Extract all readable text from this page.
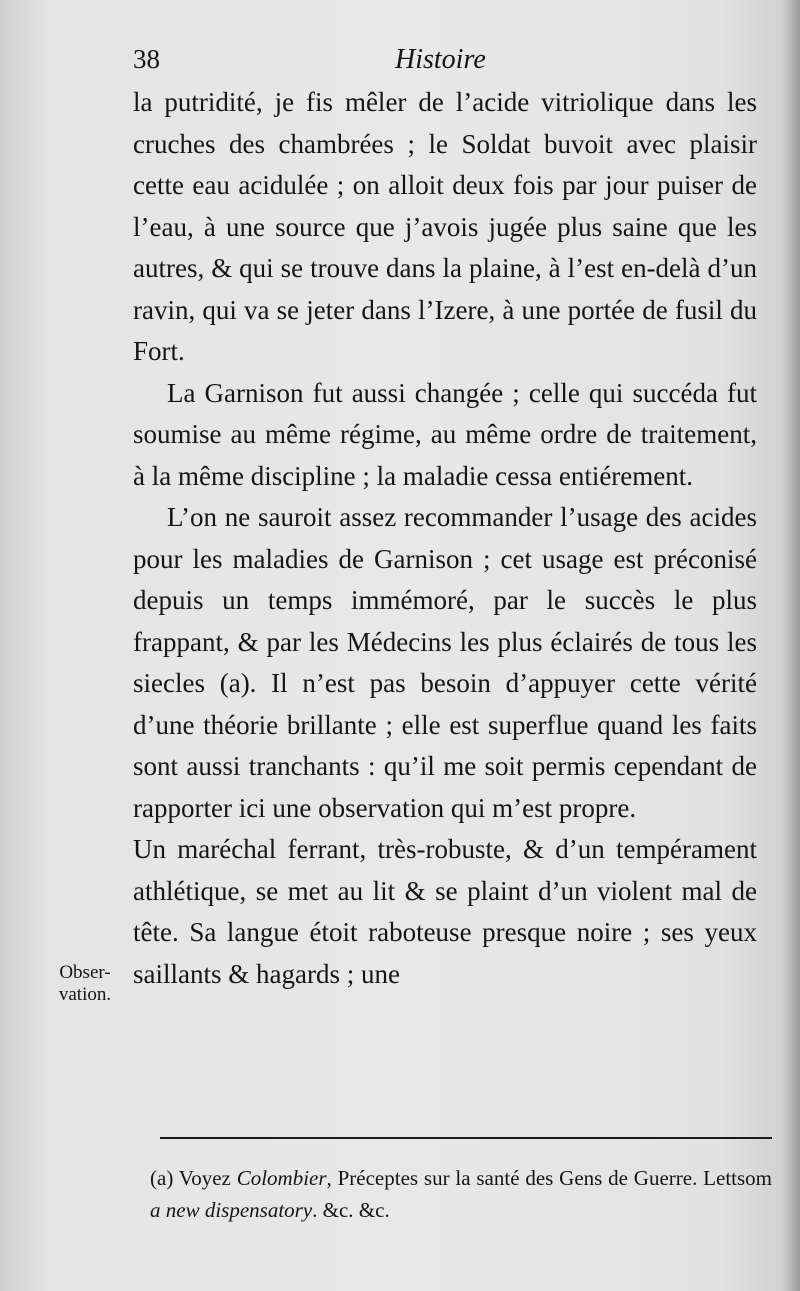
38	Histoire

la putridité, je fis mêler de l’acide vitriolique dans les cruches des chambrées ; le Soldat buvoit avec plaisir cette eau acidulée ; on alloit deux fois par jour puiser de l’eau, à une source que j’avois jugée plus saine que les autres, & qui se trouve dans la plaine, à l’est en-delà d’un ravin, qui va se jeter dans l’Izere, à une portée de fusil du Fort.

La Garnison fut aussi changée ; celle qui succéda fut soumise au même régime, au même ordre de traitement, à la même discipline ; la maladie cessa entiérement.

L’on ne sauroit assez recommander l’usage des acides pour les maladies de Garnison ; cet usage est préconisé depuis un temps immémoré, par le succès le plus frappant, & par les Médecins les plus éclairés de tous les siecles (a). Il n’est pas besoin d’appuyer cette vérité d’une théorie brillante ; elle est superflue quand les faits sont aussi tranchants : qu’il me soit permis cependant de rapporter ici une observation qui m’est propre.

Un maréchal ferrant, très-robuste, & d’un tempérament athlétique, se met au lit & se plaint d’un violent mal de tête. Sa langue étoit raboteuse presque noire ; ses yeux saillants & hagards ; une

Obser-vation.
(a) Voyez Colombier, Préceptes sur la santé des Gens de Guerre. Lettsom a new dispensatory. &c. &c.
